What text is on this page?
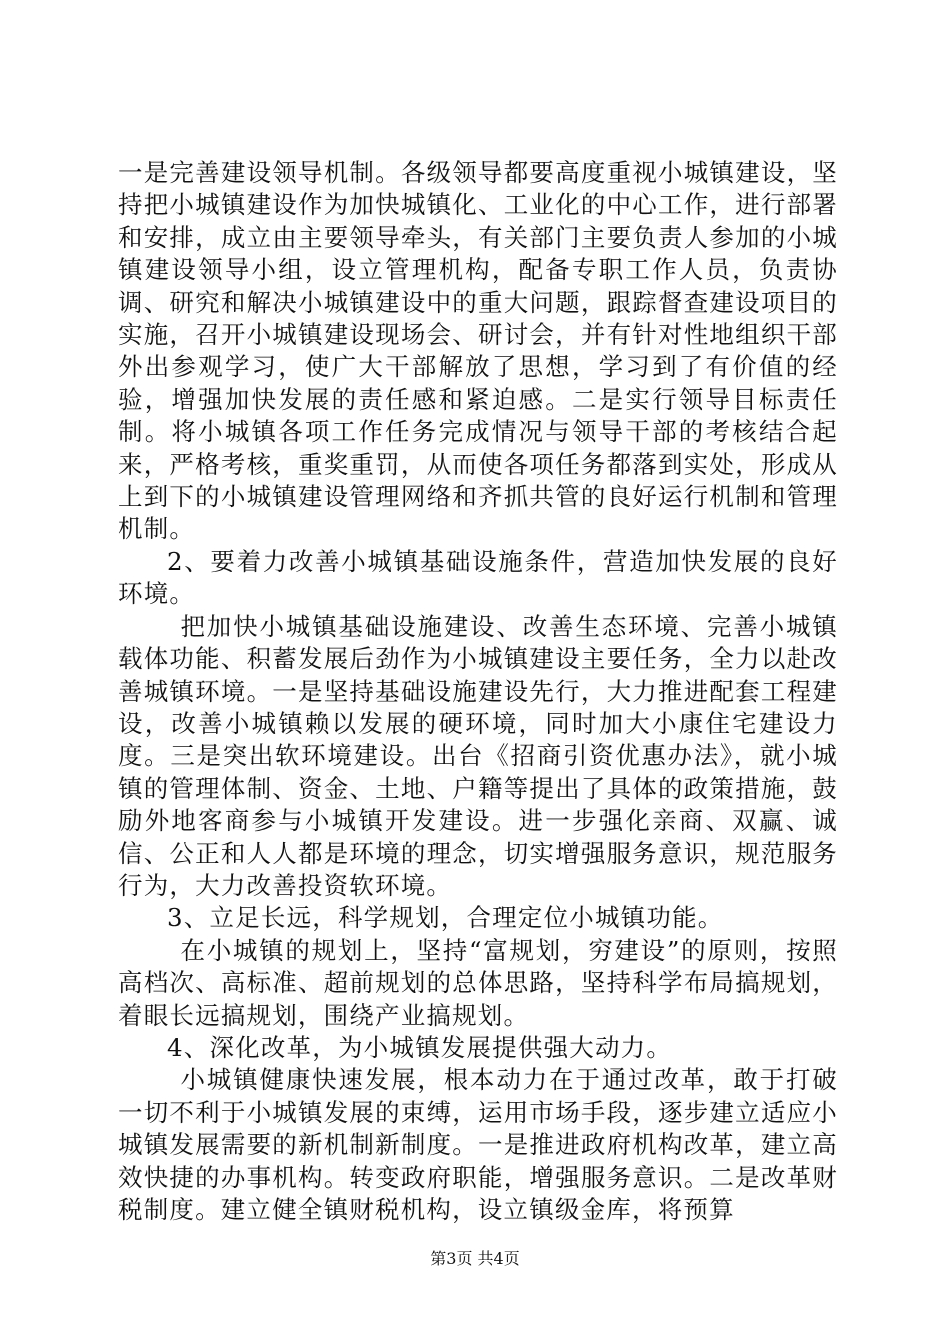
一是完善建设领导机制。各级领导都要高度重视小城镇建设，坚持把小城镇建设作为加快城镇化、工业化的中心工作，进行部署和安排，成立由主要领导牵头，有关部门主要负责人参加的小城镇建设领导小组，设立管理机构，配备专职工作人员，负责协调、研究和解决小城镇建设中的重大问题，跟踪督查建设项目的实施，召开小城镇建设现场会、研讨会，并有针对性地组织干部外出参观学习，使广大干部解放了思想，学习到了有价值的经验，增强加快发展的责任感和紧迫感。二是实行领导目标责任制。将小城镇各项工作任务完成情况与领导干部的考核结合起来，严格考核，重奖重罚，从而使各项任务都落到实处，形成从上到下的小城镇建设管理网络和齐抓共管的良好运行机制和管理机制。

2、要着力改善小城镇基础设施条件，营造加快发展的良好环境。

把加快小城镇基础设施建设、改善生态环境、完善小城镇载体功能、积蓄发展后劲作为小城镇建设主要任务，全力以赴改善城镇环境。一是坚持基础设施建设先行，大力推进配套工程建设，改善小城镇赖以发展的硬环境，同时加大小康住宅建设力度。三是突出软环境建设。出台《招商引资优惠办法》，就小城镇的管理体制、资金、土地、户籍等提出了具体的政策措施，鼓励外地客商参与小城镇开发建设。进一步强化亲商、双赢、诚信、公正和人人都是环境的理念，切实增强服务意识，规范服务行为，大力改善投资软环境。

3、立足长远，科学规划，合理定位小城镇功能。

在小城镇的规划上，坚持“富规划，穷建设”的原则，按照高档次、高标准、超前规划的总体思路，坚持科学布局搞规划，着眼长远搞规划，围绕产业搞规划。

4、深化改革，为小城镇发展提供强大动力。

小城镇健康快速发展，根本动力在于通过改革，敢于打破一切不利于小城镇发展的束缚，运用市场手段，逐步建立适应小城镇发展需要的新机制新制度。一是推进政府机构改革，建立高效快捷的办事机构。转变政府职能，增强服务意识。二是改革财税制度。建立健全镇财税机构，设立镇级金库，将预算

第3页 共4页
